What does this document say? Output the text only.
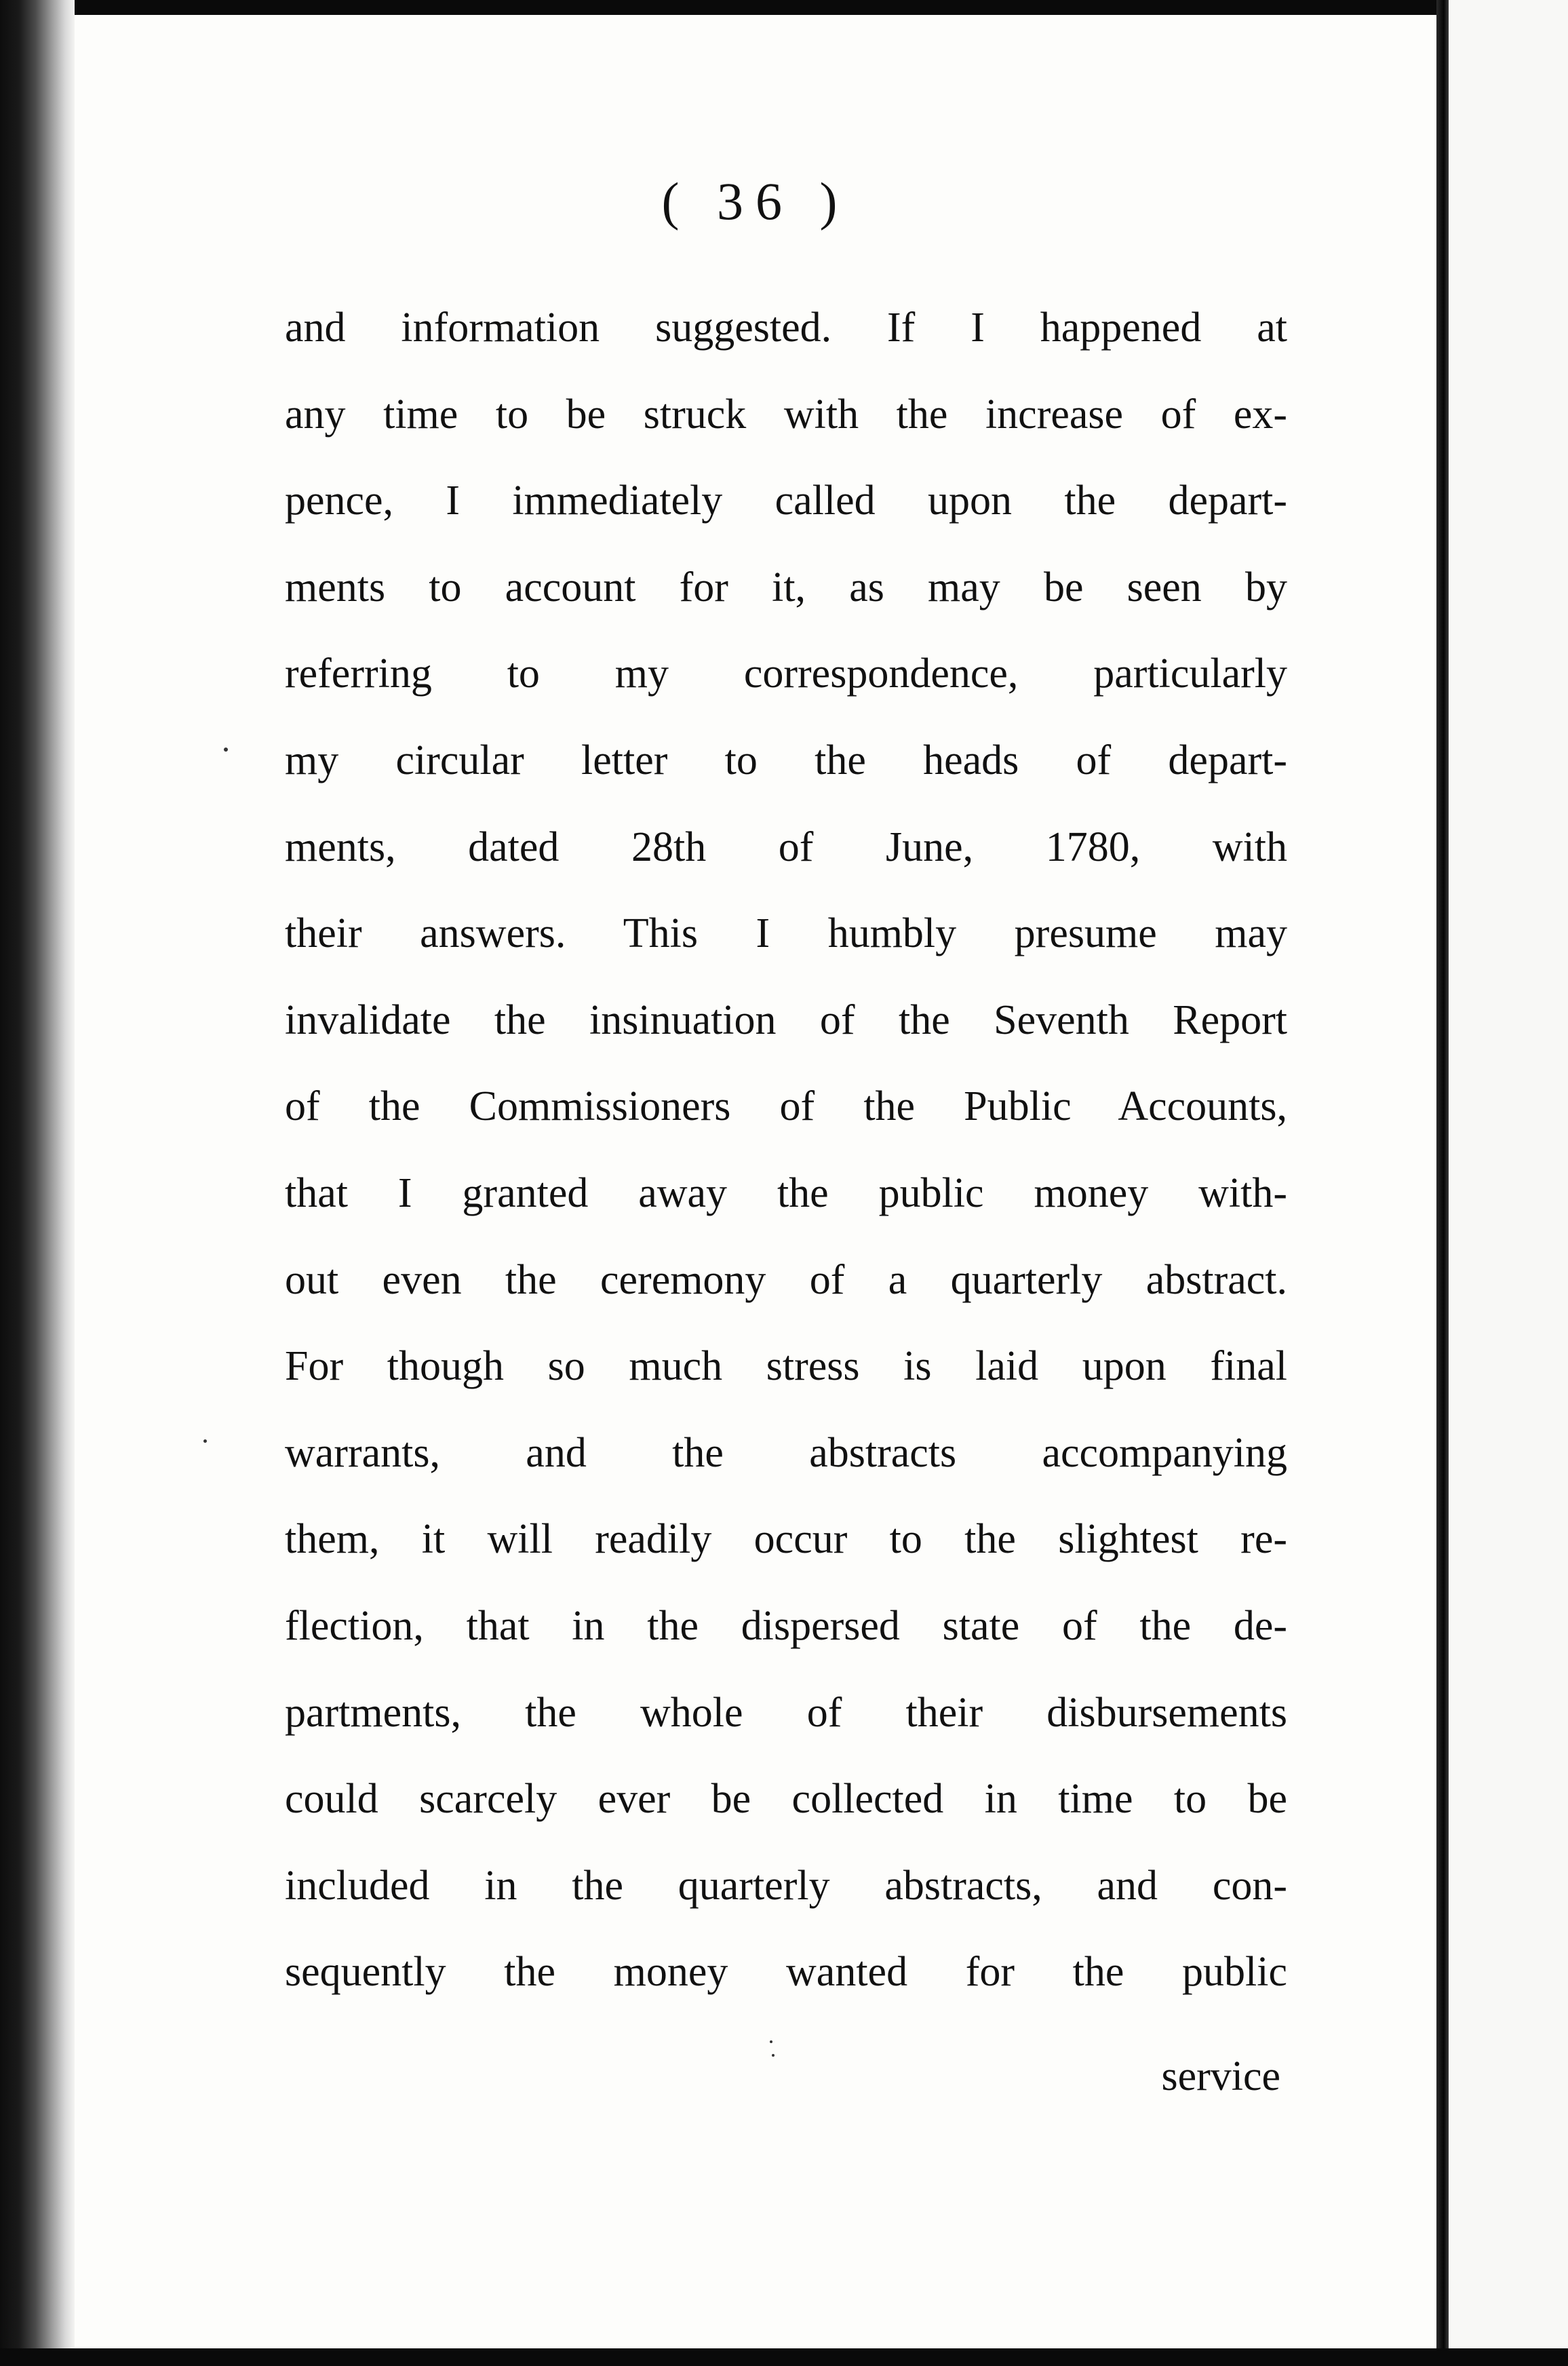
( 36 )
and information suggested. If I happened at
any time to be struck with the increase of ex-
pence, I immediately called upon the depart-
ments to account for it, as may be seen by
referring to my correspondence, particularly
my circular letter to the heads of depart-
ments, dated 28th of June, 1780, with
their answers. This I humbly presume may
invalidate the insinuation of the Seventh Report
of the Commissioners of the Public Accounts,
that I granted away the public money with-
out even the ceremony of a quarterly abstract.
For though so much stress is laid upon final
warrants, and the abstracts accompanying
them, it will readily occur to the slightest re-
flection, that in the dispersed state of the de-
partments, the whole of their disbursements
could scarcely ever be collected in time to be
included in the quarterly abstracts, and con-
sequently the money wanted for the public
service
